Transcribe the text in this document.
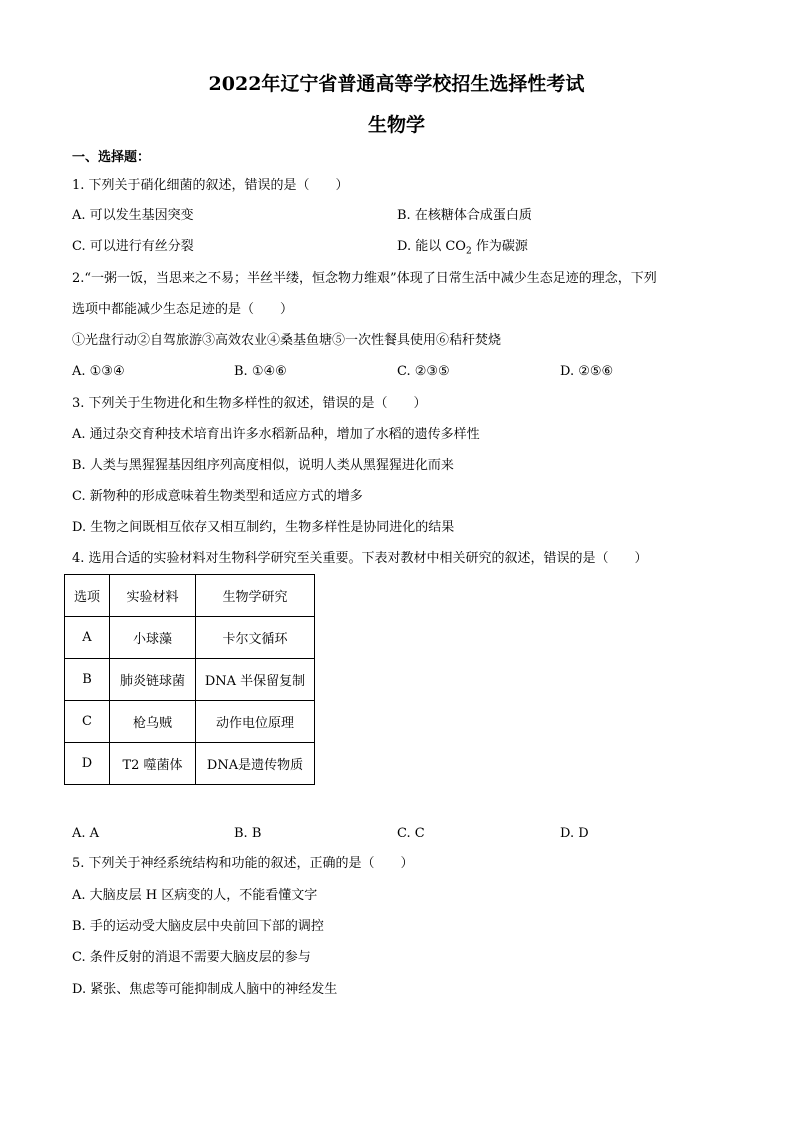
2022年辽宁省普通高等学校招生选择性考试
生物学
一、选择题：
1. 下列关于硝化细菌的叙述，错误的是（　　）
A. 可以发生基因突变	B. 在核糖体合成蛋白质
C. 可以进行有丝分裂	D. 能以 $CO_2$ 作为碳源
2.“一粥一饭，当思来之不易；半丝半缕，恒念物力维艰”体现了日常生活中减少生态足迹的理念，下列
选项中都能减少生态足迹的是（　　）
①光盘行动②自驾旅游③高效农业④桑基鱼塘⑤一次性餐具使用⑥秸秆焚烧
A. ①③④	B. ①④⑥	C. ②③⑤	D. ②⑤⑥
3. 下列关于生物进化和生物多样性的叙述，错误的是（　　）
A. 通过杂交育种技术培育出许多水稻新品种，增加了水稻的遗传多样性
B. 人类与黑猩猩基因组序列高度相似，说明人类从黑猩猩进化而来
C. 新物种的形成意味着生物类型和适应方式的增多
D. 生物之间既相互依存又相互制约，生物多样性是协同进化的结果
4. 选用合适的实验材料对生物科学研究至关重要。下表对教材中相关研究的叙述，错误的是（　　）
选项	实验材料	生物学研究
A	小球藻	卡尔文循环
B	肺炎链球菌	DNA 半保留复制
C	枪乌贼	动作电位原理
D	T2 噬菌体	DNA是遗传物质
A. A	B. B	C. C	D. D
5. 下列关于神经系统结构和功能的叙述，正确的是（　　）
A. 大脑皮层 H 区病变的人，不能看懂文字
B. 手的运动受大脑皮层中央前回下部的调控
C. 条件反射的消退不需要大脑皮层的参与
D. 紧张、焦虑等可能抑制成人脑中的神经发生
